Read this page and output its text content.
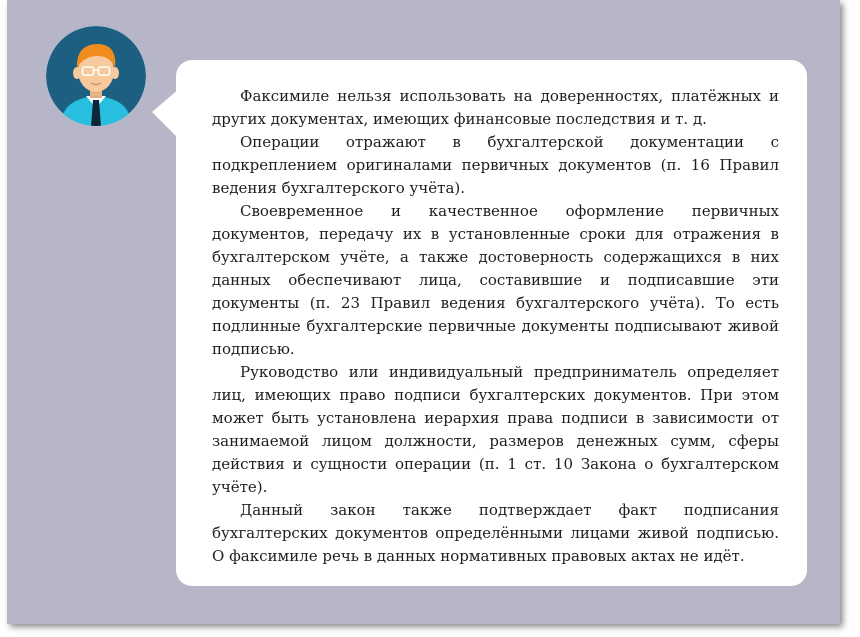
Факсимиле нельзя использовать на доверенностях, платёжных и других документах, имеющих финансовые последствия и т. д.

Операции отражают в бухгалтерской документации с подкреплением оригиналами первичных документов (п. 16 Правил ведения бухгалтерского учёта).

Своевременное и качественное оформление первичных документов, передачу их в установленные сроки для отражения в бухгалтерском учёте, а также достоверность содержащихся в них данных обеспечивают лица, составившие и подписавшие эти документы (п. 23 Правил ведения бухгалтерского учёта). То есть подлинные бухгалтерские первичные документы подписывают живой подписью.

Руководство или индивидуальный предприниматель определяет лиц, имеющих право подписи бухгалтерских документов. При этом может быть установлена иерархия права подписи в зависимости от занимаемой лицом должности, размеров денежных сумм, сферы действия и сущности операции (п. 1 ст. 10 Закона о бухгалтерском учёте).

Данный закон также подтверждает факт подписания бухгалтерских документов определёнными лицами живой подписью. О факсимиле речь в данных нормативных правовых актах не идёт.
